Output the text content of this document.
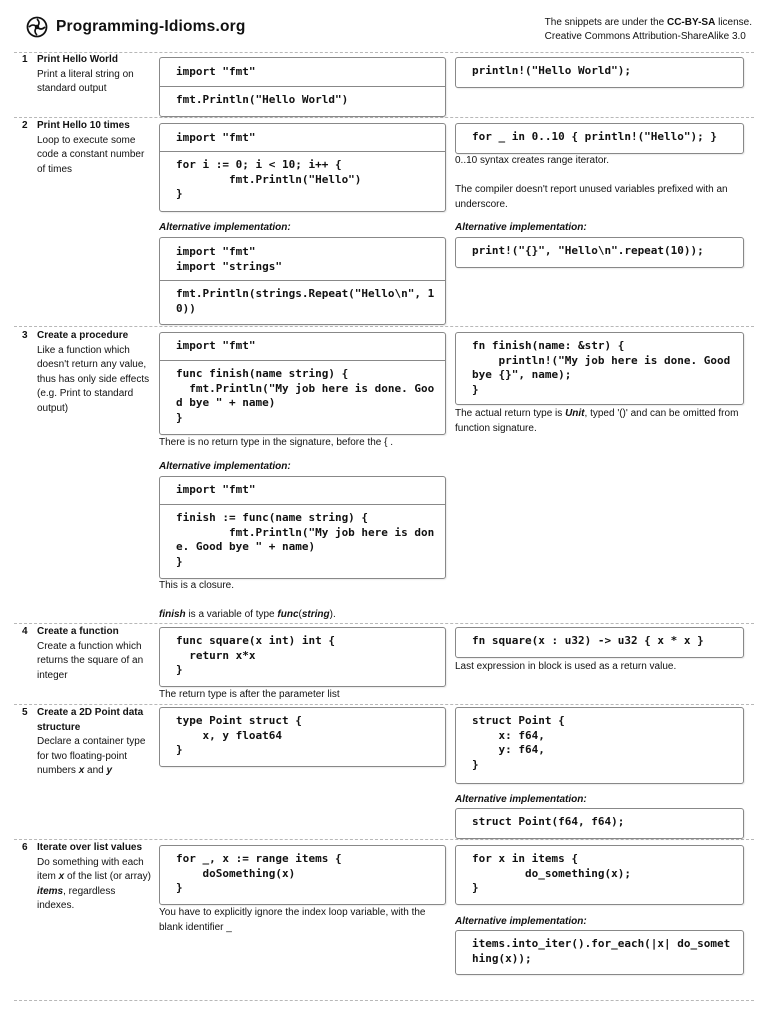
Programming-Idioms.org	The snippets are under the CC-BY-SA license.
Creative Commons Attribution-ShareAlike 3.0
1 Print Hello World
Print a literal string on standard output
import "fmt"
fmt.Println("Hello World")
println!("Hello World");
2 Print Hello 10 times
Loop to execute some code a constant number of times
import "fmt"
for i := 0; i < 10; i++ {
fmt.Println("Hello")
}
Alternative implementation:
import "fmt"
import "strings"
fmt.Println(strings.Repeat("Hello\n", 1
0))
for _ in 0..10 { println!("Hello"); }
0..10 syntax creates range iterator.
The compiler doesn't report unused variables prefixed with an underscore.
Alternative implementation:
print!("{}", "Hello\n".repeat(10));
3 Create a procedure
Like a function which doesn't return any value, thus has only side effects (e.g. Print to standard output)
import "fmt"
func finish(name string) {
fmt.Println("My job here is done. Goo
d bye " + name)
}
There is no return type in the signature, before the { .
Alternative implementation:
import "fmt"
finish := func(name string) {
fmt.Println("My job here is don
e. Good bye " + name)
}
This is a closure.
finish is a variable of type func(string).
fn finish(name: &str) {
println!("My job here is done. Good
bye {}", name);
}
The actual return type is Unit, typed '()' and can be omitted from function signature.
4 Create a function
Create a function which returns the square of an integer
func square(x int) int {
return x*x
}
The return type is after the parameter list
fn square(x : u32) -> u32 { x * x }
Last expression in block is used as a return value.
5 Create a 2D Point data structure
Declare a container type for two floating-point numbers x and y
type Point struct {
x, y float64
}
struct Point {
x: f64,
y: f64,
}
Alternative implementation:
struct Point(f64, f64);
6 Iterate over list values
Do something with each item x of the list (or array) items, regardless indexes.
for _, x := range items {
doSomething(x)
}
You have to explicitly ignore the index loop variable, with the blank identifier _
for x in items {
do_something(x);
}
Alternative implementation:
items.into_iter().for_each(|x| do_somet
hing(x));
